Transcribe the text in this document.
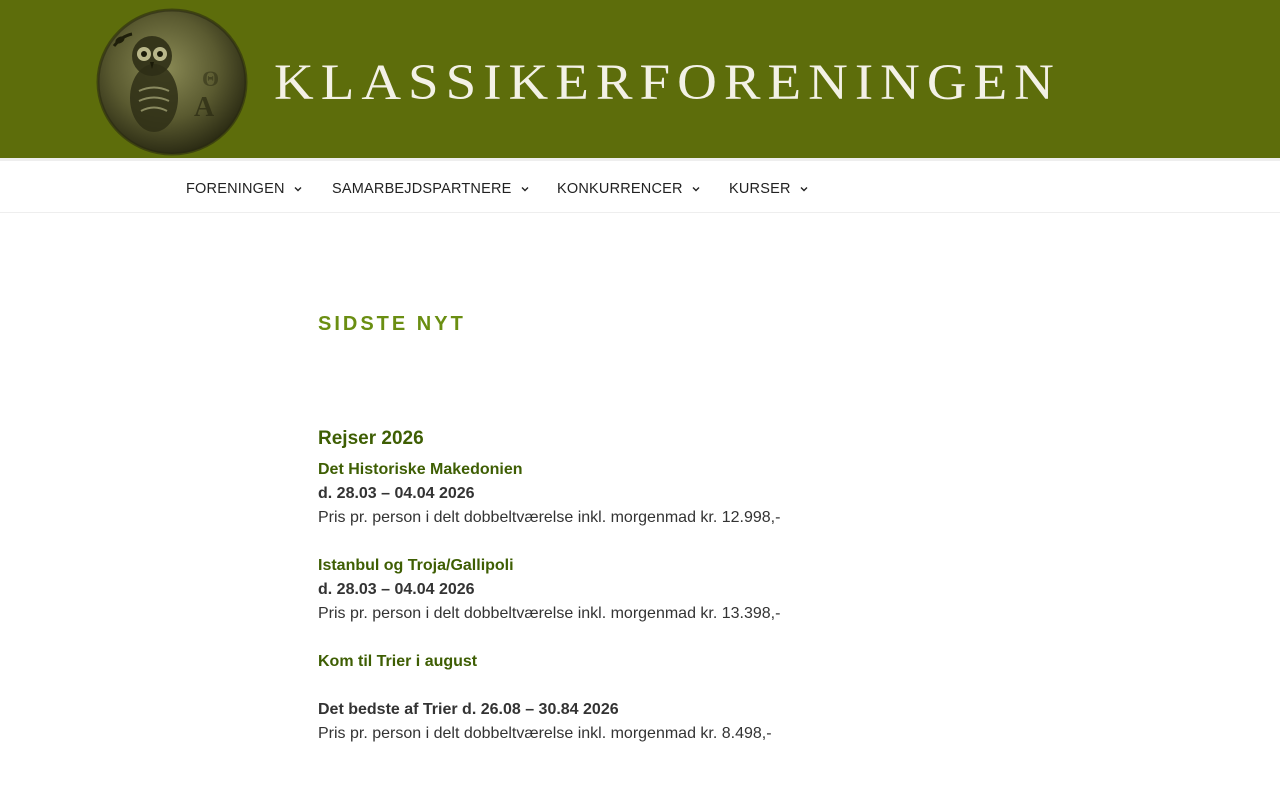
A
Θ KLASSIKERFORENINGEN
FORENINGEN	SAMARBEJDSPARTNERE	KONKURRENCER	KURSER
SIDSTE NYT
Rejser 2026
Det Historiske Makedonien
d. 28.03 – 04.04 2026
Pris pr. person i delt dobbeltværelse inkl. morgenmad kr. 12.998,-
Istanbul og Troja/Gallipoli
d. 28.03 – 04.04 2026
Pris pr. person i delt dobbeltværelse inkl. morgenmad kr. 13.398,-
Kom til Trier i august
Det bedste af Trier d. 26.08 – 30.84 2026
Pris pr. person i delt dobbeltværelse inkl. morgenmad kr. 8.498,-
